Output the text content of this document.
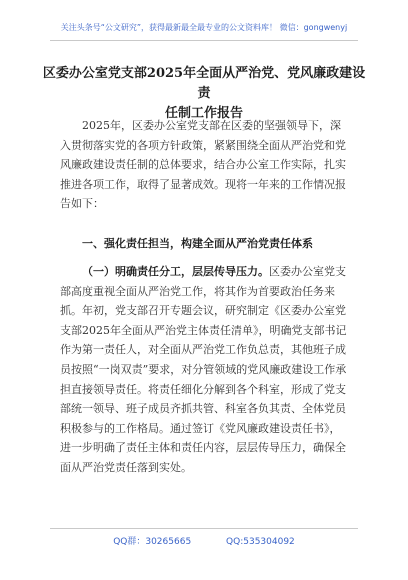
关注头条号“公文研究”，获得最新最全最专业的公文资料库！ 微信：gongwenyj
区委办公室党支部2025年全面从严治党、党风廉政建设责
任制工作报告

2025年，区委办公室党支部在区委的坚强领导下，深入贯彻落实党的各项方针政策，紧紧围绕全面从严治党和党风廉政建设责任制的总体要求，结合办公室工作实际，扎实推进各项工作，取得了显著成效。现将一年来的工作情况报告如下：

一、强化责任担当，构建全面从严治党责任体系

（一）明确责任分工，层层传导压力。区委办公室党支部高度重视全面从严治党工作，将其作为首要政治任务来抓。年初，党支部召开专题会议，研究制定《区委办公室党支部2025年全面从严治党主体责任清单》，明确党支部书记作为第一责任人，对全面从严治党工作负总责，其他班子成员按照“一岗双责”要求，对分管领域的党风廉政建设工作承担直接领导责任。将责任细化分解到各个科室，形成了党支部统一领导、班子成员齐抓共管、科室各负其责、全体党员积极参与的工作格局。通过签订《党风廉政建设责任书》，进一步明确了责任主体和责任内容，层层传导压力，确保全面从严治党责任落到实处。

QQ群：30265665	QQ:535304092
